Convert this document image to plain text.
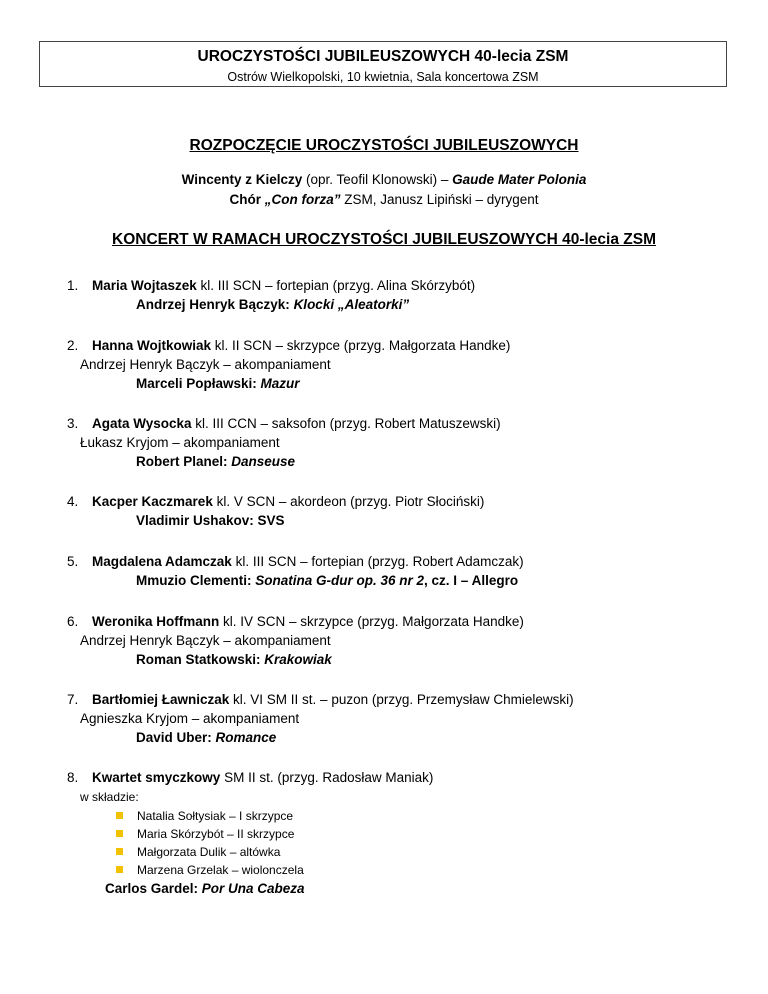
UROCZYSTOŚCI JUBILEUSZOWYCH 40-lecia ZSM
Ostrów Wielkopolski, 10 kwietnia, Sala koncertowa ZSM
ROZPOCZĘCIE UROCZYSTOŚCI JUBILEUSZOWYCH
Wincenty z Kielczy (opr. Teofil Klonowski) – Gaude Mater Polonia
Chór „Con forza” ZSM, Janusz Lipiński – dyrygent
KONCERT W RAMACH UROCZYSTOŚCI JUBILEUSZOWYCH 40-lecia ZSM
1. Maria Wojtaszek kl. III SCN – fortepian (przyg. Alina Skórzybót)
Andrzej Henryk Bączyk: Klocki „Aleatorki”
2. Hanna Wojtkowiak kl. II SCN – skrzypce (przyg. Małgorzata Handke)
Andrzej Henryk Bączyk – akompaniament
Marceli Popławski: Mazur
3. Agata Wysocka kl. III CCN – saksofon (przyg. Robert Matuszewski)
Łukasz Kryjom – akompaniament
Robert Planel: Danseuse
4. Kacper Kaczmarek kl. V SCN – akordeon (przyg. Piotr Słociński)
Vladimir Ushakov: SVS
5. Magdalena Adamczak kl. III SCN – fortepian (przyg. Robert Adamczak)
Mmuzio Clementi: Sonatina G-dur op. 36 nr 2, cz. I – Allegro
6. Weronika Hoffmann kl. IV SCN – skrzypce (przyg. Małgorzata Handke)
Andrzej Henryk Bączyk – akompaniament
Roman Statkowski: Krakowiak
7. Bartłomiej Ławniczak kl. VI SM II st. – puzon (przyg. Przemysław Chmielewski)
Agnieszka Kryjom – akompaniament
David Uber: Romance
8. Kwartet smyczkowy SM II st. (przyg. Radosław Maniak)
w składzie:
Natalia Sołtysiak – I skrzypce
Maria Skórzybót – II skrzypce
Małgorzata Dulik – altówka
Marzena Grzelak – wiolonczela
Carlos Gardel: Por Una Cabeza
